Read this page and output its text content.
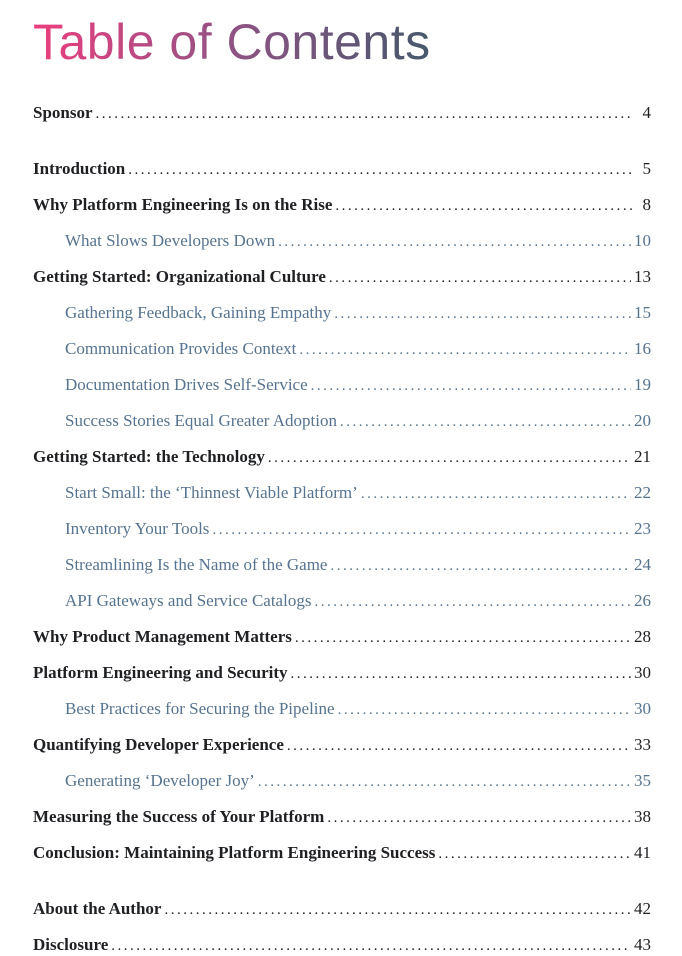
Table of Contents
Sponsor .....	4
Introduction .....	5
Why Platform Engineering Is on the Rise .....	8
What Slows Developers Down .....	10
Getting Started: Organizational Culture .....	13
Gathering Feedback, Gaining Empathy .....	15
Communication Provides Context .....	16
Documentation Drives Self-Service .....	19
Success Stories Equal Greater Adoption .....	20
Getting Started: the Technology .....	21
Start Small: the ‘Thinnest Viable Platform’ .....	22
Inventory Your Tools .....	23
Streamlining Is the Name of the Game .....	24
API Gateways and Service Catalogs .....	26
Why Product Management Matters .....	28
Platform Engineering and Security .....	30
Best Practices for Securing the Pipeline .....	30
Quantifying Developer Experience .....	33
Generating ‘Developer Joy’ .....	35
Measuring the Success of Your Platform .....	38
Conclusion: Maintaining Platform Engineering Success .....	41
About the Author .....	42
Disclosure .....	43
